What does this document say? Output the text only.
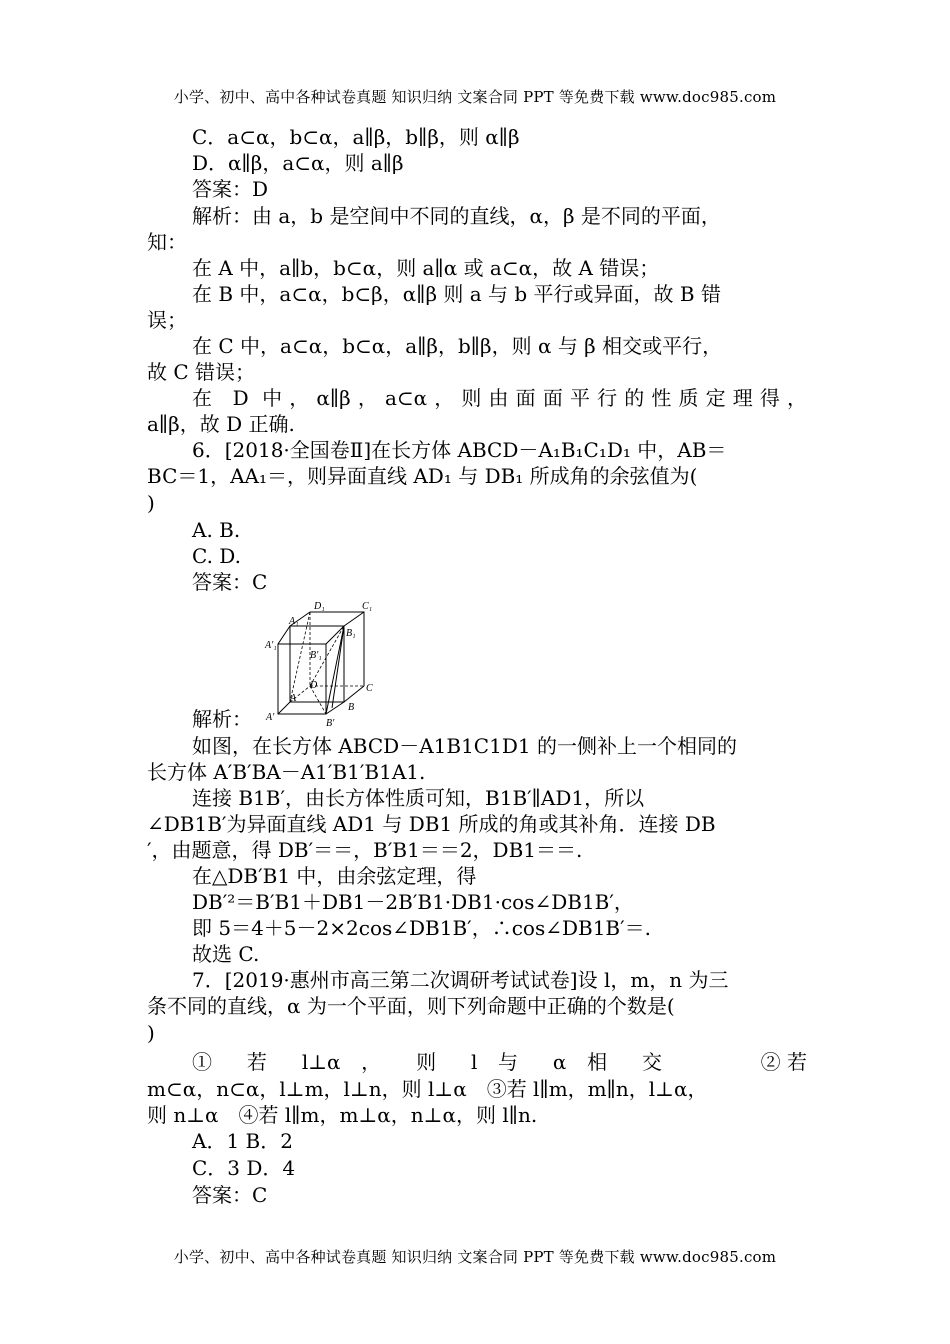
小学、初中、高中各种试卷真题 知识归纳 文案合同 PPT 等免费下载 www.doc985.com
C．a⊂α，b⊂α，a∥β，b∥β，则 α∥β
D．α∥β，a⊂α，则 a∥β
答案：D
解析：由 a，b 是空间中不同的直线，α，β 是不同的平面，
知：
在 A 中，a∥b，b⊂α，则 a∥α 或 a⊂α，故 A 错误；
在 B 中，a⊂α，b⊂β，α∥β 则 a 与 b 平行或异面，故 B 错
误；
在 C 中，a⊂α，b⊂α，a∥β，b∥β，则 α 与 β 相交或平行，
故 C 错误；
在 D 中，α∥β，a⊂α，则由面面平行的性质定理得，
a∥β，故 D 正确.
6．[2018·全国卷Ⅱ]在长方体 ABCD－A₁B₁C₁D₁ 中，AB＝
BC＝1，AA₁＝，则异面直线 AD₁ 与 DB₁ 所成角的余弦值为(
)
A. B.
C. D.
答案：C
D₁	C₁
A₁
B₁
A′₁
B′₁
D	C
A
B
A′
B′
解析：
如图，在长方体 ABCD－A1B1C1D1 的一侧补上一个相同的
长方体 A′B′BA－A1′B1′B1A1.
连接 B1B′，由长方体性质可知，B1B′∥AD1，所以
∠DB1B′为异面直线 AD1 与 DB1 所成的角或其补角．连接 DB
′，由题意，得 DB′＝＝，B′B1＝＝2，DB1＝＝.
在△DB′B1 中，由余弦定理，得
DB′²＝B′B1＋DB1－2B′B1·DB1·cos∠DB1B′，
即 5＝4＋5－2×2cos∠DB1B′，∴cos∠DB1B′＝.
故选 C.
7．[2019·惠州市高三第二次调研考试试卷]设 l，m，n 为三
条不同的直线，α 为一个平面，则下列命题中正确的个数是(
)
① 若 l⊥α ， 则 l 与 α 相 交	② 若
m⊂α，n⊂α，l⊥m，l⊥n，则 l⊥α　③若 l∥m，m∥n，l⊥α，
则 n⊥α　④若 l∥m，m⊥α，n⊥α，则 l∥n.
A．1 B．2
C．3 D．4
答案：C
小学、初中、高中各种试卷真题 知识归纳 文案合同 PPT 等免费下载 www.doc985.com
